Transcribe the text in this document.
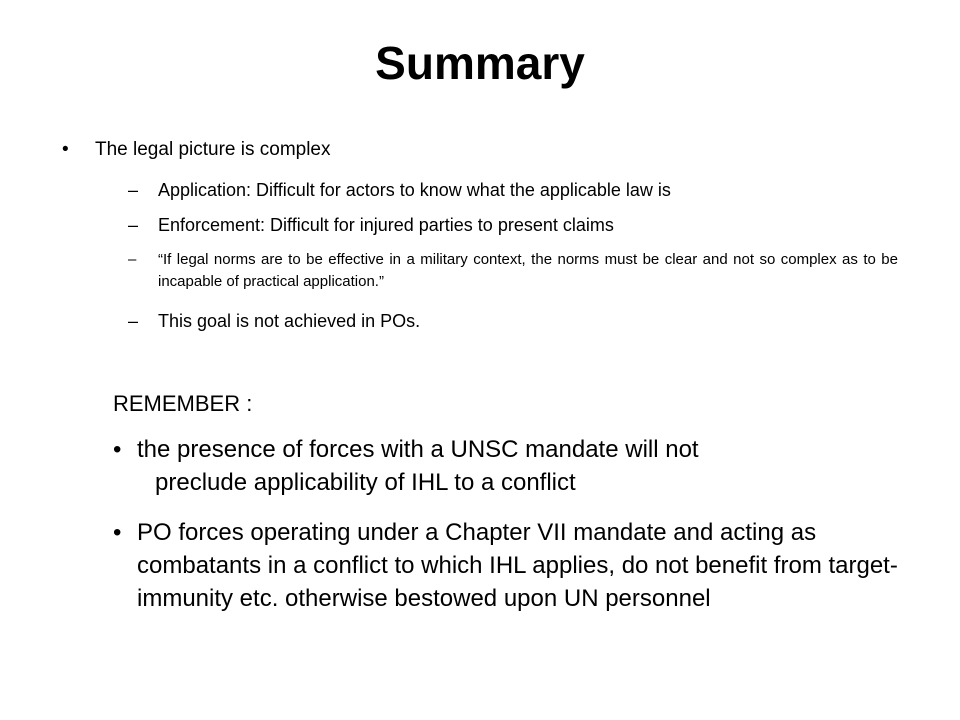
Summary
• The legal picture is complex
– Application: Difficult for actors to know what the applicable law is
– Enforcement: Difficult for injured parties to present claims
– “If legal norms are to be effective in a military context, the norms must be clear and not so complex as to be incapable of practical application.”
– This goal is not achieved in POs.
REMEMBER :
• the presence of forces with a UNSC mandate will not
preclude applicability of IHL to a conflict
• PO forces operating under a Chapter VII mandate and acting as combatants in a conflict to which IHL applies, do not benefit from target-immunity etc. otherwise bestowed upon UN personnel
